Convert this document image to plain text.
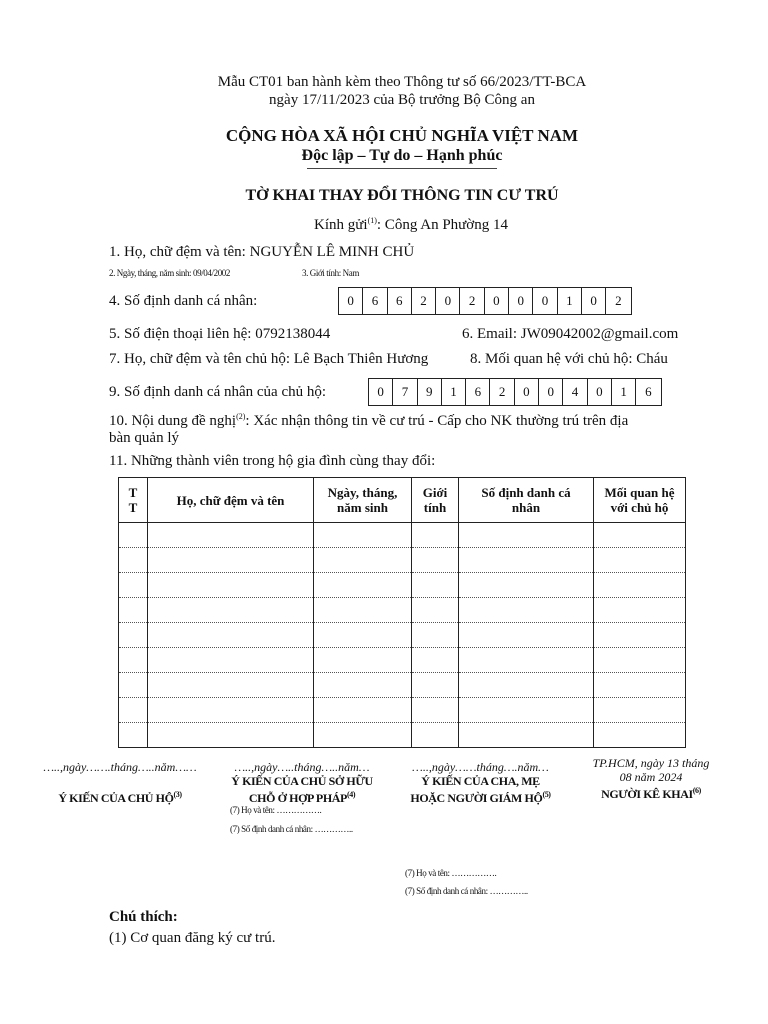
Mẫu CT01 ban hành kèm theo Thông tư số 66/2023/TT-BCA
ngày 17/11/2023 của Bộ trưởng Bộ Công an
CỘNG HÒA XÃ HỘI CHỦ NGHĨA VIỆT NAM
Độc lập – Tự do – Hạnh phúc
TỜ KHAI THAY ĐỔI THÔNG TIN CƯ TRÚ
Kính gửi$^{(1)}$: Công An Phường 14
1. Họ, chữ đệm và tên: NGUYỄN LÊ MINH CHỦ
2. Ngày, tháng, năm sinh: 09/04/2002	3. Giới tính: Nam
4. Số định danh cá nhân:	0	6	6	2	0	2	0	0	0	1	0	2
5. Số điện thoại liên hệ: 0792138044	6. Email: JW09042002@gmail.com
7. Họ, chữ đệm và tên chủ hộ: Lê Bạch Thiên Hương	8. Mối quan hệ với chủ hộ: Cháu
9. Số định danh cá nhân của chủ hộ:	0	7	9	1	6	2	0	0	4	0	1	6
10. Nội dung đề nghị$^{(2)}$: Xác nhận thông tin về cư trú - Cấp cho NK thường trú trên địa
bàn quản lý
11. Những thành viên trong hộ gia đình cùng thay đổi:
T T	Họ, chữ đệm và tên	Ngày, tháng, năm sinh	Giới tính	Số định danh cá nhân	Mối quan hệ với chủ hộ

…..,ngày…….tháng…..năm……
Ý KIẾN CỦA CHỦ HỘ$^{(3)}$
…..,ngày…..tháng…..năm…
Ý KIẾN CỦA CHỦ SỞ HỮU
CHỖ Ở HỢP PHÁP$^{(4)}$
(7) Họ và tên: …………….
(7) Số định danh cá nhân: …………..
…..,ngày……tháng….năm…
Ý KIẾN CỦA CHA, MẸ
HOẶC NGƯỜI GIÁM HỘ$^{(5)}$
(7) Họ và tên: …………….
(7) Số định danh cá nhân: …………..
TP.HCM, ngày 13 tháng
08 năm 2024
NGƯỜI KÊ KHAI$^{(6)}$
Chú thích:
(1) Cơ quan đăng ký cư trú.
